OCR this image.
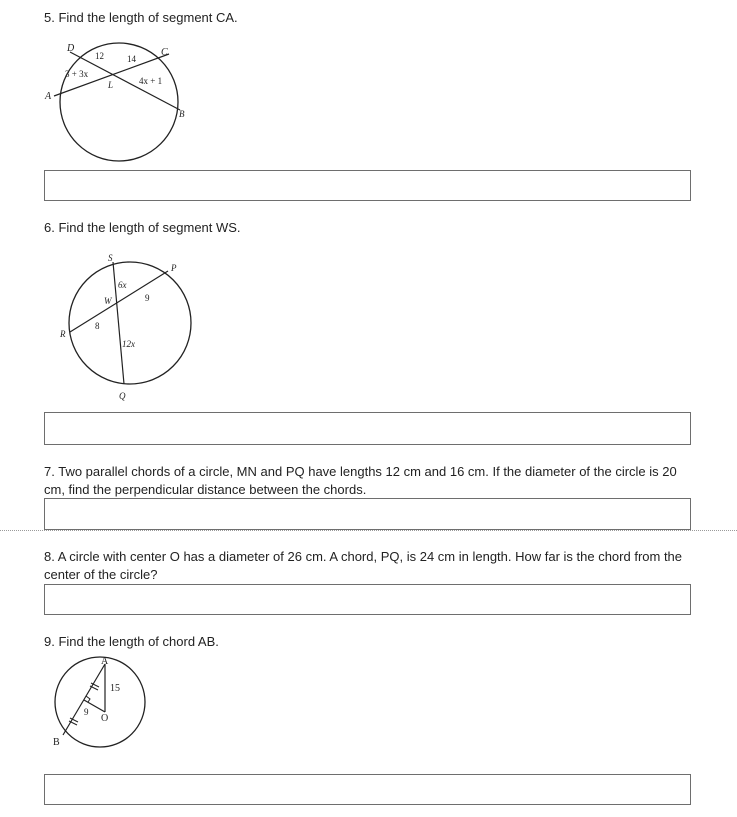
5. Find the length of segment CA.
D	C
A
B
L
12	14
3 + 3x
4x + 1
6. Find the length of segment WS.
S
P
W
R
Q
6x
9
8
12x
7. Two parallel chords of a circle, MN and PQ have lengths 12 cm and 16 cm. If the diameter of the circle is 20 cm, find the perpendicular distance between the chords.
8. A circle with center O has a diameter of 26 cm. A chord, PQ, is 24 cm in length. How far is the chord from the center of the circle?
9. Find the length of chord AB.
A
B
O
15
9
